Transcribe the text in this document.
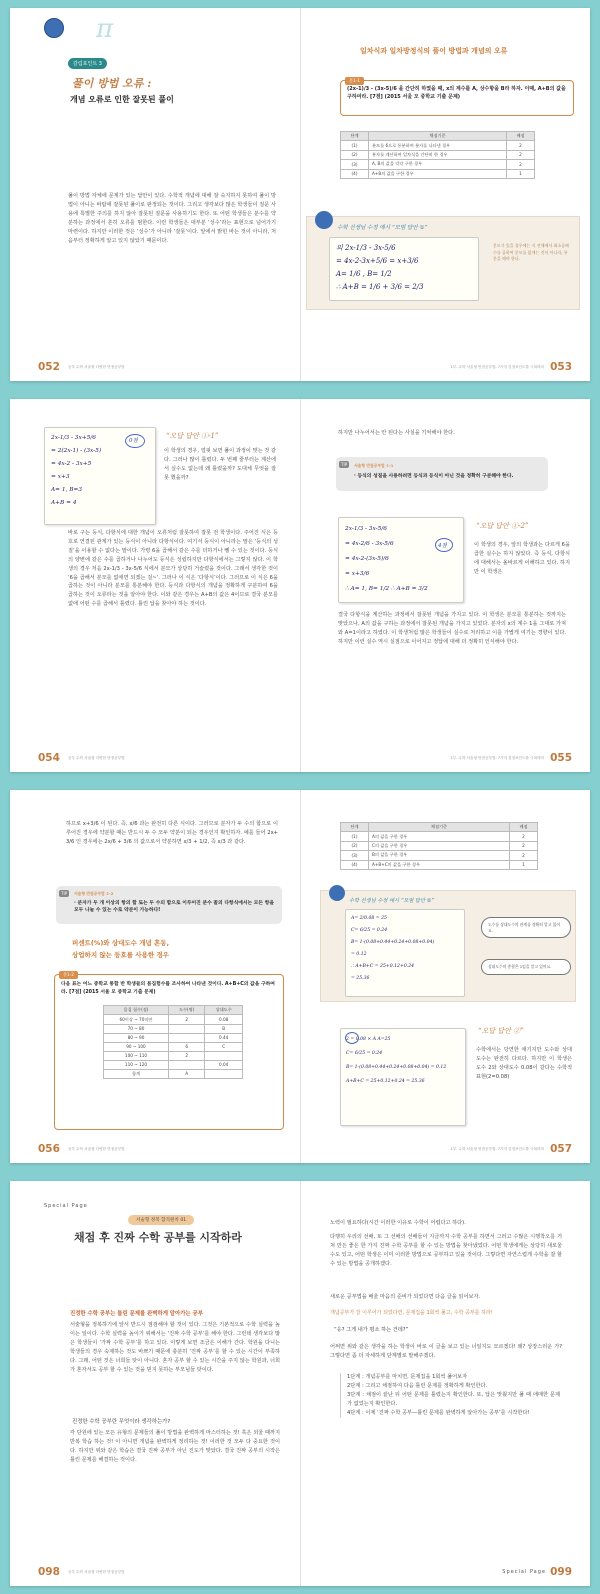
π
갈림포인트 3
풀이 방법 오류 :
개념 오류로 인한 잘못된 풀이
풀이 방법 자체에 문제가 있는 답안이 있다. 수학적 개념에 대해 잘 숙지하지 못하여 풀이 방법이 아니는 바람에 잘못된 풀이로 판정되는 것이다. 그리고 생각보다 많은 학생들이 질문 사용에 특별한 주의를 하지 않아 잘못된 질문을 사용하기도 한다. 또 어떤 학생들은 분수를 약분하는 과정에서 흔히 오류를 범한다. 이런 학생들은 대부분 ‘성수’라는 표현으로 넘어가기 마련이다. 하지만 이러한 것은 ‘성수’가 아니라 ‘잘못’이다. 앞에서 밝힌 바는 것이 아니라, 처음부터 정확하게 알고 있지 않았기 때문이다.
052 공부 수학 서술형 다양한 만점공부법
일차식과 일차방정식의 풀이 방법과 개념의 오류
문1-1
(2x-1)/3 - (3x-5)/6 을 간단히 하였을 때, x의 계수를 A, 상수항을 B라 하자. 이때, A+B의 값을 구하여라. [7점] (2015 서울 모 중학교 기출 문제)
단계	채점기준	배점
(1)	분모를 6으로 통분하여 분자를 나타낸 경우	2
(2)	분자를 계산하여 일차식을 간단히 한 경우	2
(3)	A, B의 값을 각각 구한 경우	2
(4)	A+B의 값을 구한 경우	1
수학 선생님 수정 예시 “모범 답안 ①”
의 2x-1/3 - 3x-5/6
= 4x-2-3x+5/6 = x+3/6
A= 1/6 , B= 1/2
∴ A+B = 1/6 + 3/6 = 2/3
분모가 있을 경우에는 식 전체에서 최소공배수를 곱하여 분모를 없애는 것이 아니라, 통분을 해야 한다.
053
1부. 수학 서술형 만점공부법: 7가지 감점포인트를 극복하라
2x-1/3 - 3x+5/6
= 2(2x-1) - (3x-5)
= 4x-2 - 3x+5
= x+3
A= 1, B=3
A+B = 4
0점
“오답 답안 ①-1”
이 학생의 경우, 얼핏 보면 풀이 과정이 맞는 것 같다. 그러나 많이 틀렸다. 두 번째 줄부터는 계산에서 실수도 없는데 왜 틀렸을까? 도대체 무엇을 잘못 했을까?
바로 구는 등식, 다항식에 대한 개념이 오류처럼 잘못하여 잘못 전 학생이다. 주어진 식은 등호로 연결된 관계가 있는 등식이 아니라 다항식이다. 여기서 등식이 아니라는 말은 ‘등식의 성질’을 이용할 수 없다는 말이다. 가령 6을 곱해서 같은 수를 더하거나 뺄 수 있는 것이다. 등식의 양변에 같은 수를 곱하거나 나누어도 등식은 성립하지만 다항식에서는 그렇지 않다. 이 학생의 경우 처음 2x-1/3 - 3x-5/6 식에서 분모가 상당히 거슬렸을 것이다. 그래서 생각한 것이 ‘6을 곱해서 분모를 없애면 되겠는 걸~’. 그러나 이 식은 ‘다항식’이다. 그러므로 이 식은 6을 곱하는 것이 아니라 분모를 통분해야 한다. 등식과 다항식의 개념을 정확하게 구분하여 6을 곱하는 것이 오류라는 것을 알아야 한다. 이와 같은 경우는 A+B의 값은 4이므로 결국 분모를 없애 어떤 수를 곱해서 틀렸다. 틀린 답을 찾아야 하는 것이다.
054 공부 수학 서술형 다양한 만점공부법
하지만 나누어서는 안 된다는 사실을 기억해야 한다.
TIP	서술형 만점공부법 ①-1
· 등식의 성질을 사용하려면 등식과 등식이 아닌 것을 정확히 구분해야 한다.
2x-1/3 - 3x-5/6
= 4x-2/6 - 3x-5/6
= 4x-2-(3x-5)/6
= x+3/6
∴ A= 1, B= 1/2 ∴ A+B = 3/2
4점
“오답 답안 ①-2”
이 학생의 경우, 앞의 학생과는 다르게 6을 곱한 실수는 하지 않았다. 즉 등식, 다항식에 대해서는 올바르게 이해하고 있다. 하지만 이 학생은
결국 다항식을 계산하는 과정에서 잘못된 개념을 가지고 있다. 이 학생은 분모를 통분하는 것까지는 맞았으나, A의 값을 구하는 과정에서 잘못된 개념을 가지고 있었다. 분자의 x의 계수 1을 그대로 가져와 A=1이라고 하였다. 이 학생처럼 많은 학생들이 실수로 처리하고 이를 가볍게 여기는 경향이 있다. 하지만 이런 실수 역시 실점으로 이어지고 정답에 대해 더 정확히 인식해야 한다.
055
1부. 수학 서술형 만점공부법: 7가지 감점포인트를 극복하라
하므로 x+3/6 이 된다. 즉, x/6 과는 완전히 다른 식이다. 그러므로 분자가 두 수의 합으로 이루어진 경우에 약분할 때는 반드시 두 수 모두 약분이 되는 경우인지 확인하자. 예를 들어 2x+3/6 인 경우에는 2x/6 + 3/6 의 값으로서 약분하면 x/3 + 1/2, 즉 x/3 과 같다.
TIP	서술형 만점공부법 ①-2
· 분자가 두 개 이상의 항의 합 또는 두 수의 합으로 이루어진 분수 꼴의 다항식에서는 모든 항을 모두 나눌 수 있는 수로 약분이 가능하다!
퍼센트(%)와 상대도수 개념 혼동,
상업하지 않는 등호를 사용한 경우
문1-2
다음 표는 어느 중학교 통합 반 학생들의 몸집험수를 조사하여 나타낸 것이다. A+B+C의 값을 구하여라. [7점] (2015 서울 모 중학교 기출 문제)
몸집 험수(점)	도수(명)	상대도수
60이상 ~ 70미만	2	0.08
70 ~ 80		B
80 ~ 90		0.44
90 ~ 100	6	C
100 ~ 110	2	
110 ~ 120		0.04
합계	A	
056 공부 수학 서술형 다양한 만점공부법
단계	채점기준	배점
(1)	A의 값을 구한 경우	2
(2)	C의 값을 구한 경우	2
(3)	B의 값을 구한 경우	2
(4)	A+B+C의 값을 구한 경우	1
수학 선생님 수정 예시 “모범 답안 ②”
A= 2/0.08 = 25
C= 6/25 = 0.24
B= 1-(0.08+0.44+0.24+0.08+0.04)
= 0.12
∴ A+B+C = 25+0.12+0.24
= 25.36
도수를 상대도수의 관계를 정확히 알고 있어요.
상대도수의 총합은 1임을 알고 있어요.
2 = 0.08 × A A=25
C= 6/25 = 0.24
B= 1-(0.08+0.44+0.24+0.08+0.04) = 0.12
A+B+C = 25+0.12+0.24 = 25.36
“오답 답안 ②”
수학에서는 당연한 얘기지만 도수와 상대도수는 완전히 다르다. 하지만 이 학생은 도수 2와 상대도수 0.08이 같다는 수학적 표현(2=0.08)
057
1부. 수학 서술형 만점공부법: 7가지 감점포인트를 극복하라
Special Page
서술형 정복 합격원칙 01
채점 후 진짜 수학 공부를 시작하라
진정한 수학 공부는 틀린 문제를 완벽하게 알아가는 공부
서술형을 정복하기에 앞서 반드시 점검해야 할 것이 있다. 그것은 기본적으로 수학 실력을 높이는 일이다. 수학 실력을 높이기 위해서는 ‘진짜 수학 공부’를 해야 한다. 그런데 생각보다 많은 학생들이 ‘가짜 수학 공부’를 하고 있다. 이렇게 보면 조금은 이해가 간다. 학원을 다니는 학생들의 경우 숙제하는 것도 바쁘기 때문에 충분히 ‘진짜 공부’를 할 수 있는 시간이 부족하다. 그래, 어떤 것은 너희들 탓이 아니다. 혼자 공부 할 수 있는 시간을 주지 않는 학원과, 너희가 혼자서도 공부 할 수 있는 것을 믿지 못하는 부모님들 탓이다.
진정한 수학 공부란 무엇이라 생각하는가?
각 단원에 있는 모든 유형의 문제들의 풀이 방법을 완벽하게 마스터하는 것! 혹은 외울 때까지 반복 학습 하는 것! 이 아니면 개념을 완벽하게 정리하는 것! 이러한 것 모두 다 중요한 것이다. 하지만 위와 같은 학습은 결국 진짜 공부가 아닌 진도가 맞았다. 결국 진짜 공부의 시작은 틀린 문제를 해결하는 것이다.
098 공부 수학 서술형 다양한 만점공부법
노력이 필요하다(시간 이러한 이유로 수학이 어렵다고 하다).
다행히 우리의 선배, 또 그 선배의 선배들이 지금까지 수학 공부를 하면서 그러고 수많은 시행착오를 거쳐 만든 좋은 한 가지 진짜 수학 공부를 할 수 있는 방법을 찾아냈었다. 어떤 학생에게는 상당히 새로울 수도 있고, 어떤 학생은 이미 이러한 방법으로 공부하고 있을 것이다. 그렇다면 자연스럽게 수학을 잘 할 수 있는 방법을 공개하겠다.
새로운 공부법을 배울 마음의 준비가 되었다면 다음 글을 읽어보자.
개념공부가 잘 이루어가 되었다면, 문제집을 1회씩 풀고, 수학 공부를 하라!
“응? 그게 내가 평소 하는 건데?”
어쩌면 위와 같은 생각을 하는 학생이 바로 이 글을 보고 있는 너일지도 모르겠다! 왜? 상장스러운 가? 그렇다면 좀 더 자세하게 단계별로 말해주겠다.
1단계 : 개념공부를 마치면, 문제집을 1회씩 풀어보자
2단계 : 그리고 채점하여 다음 틀린 문제를 정확하게 확인한다.
3단계 : 채점이 끝난 뒤 어떤 문제를 틀렸는지 확인한다. 또, 답은 맞췄지만 풀 때 애매한 문제가 없었는지 확인한다.
4단계 : 이제 ‘진짜 수학 공부—틀린 문제를 완벽하게 알아가는 공부’를 시작한다!
Special Page 099
